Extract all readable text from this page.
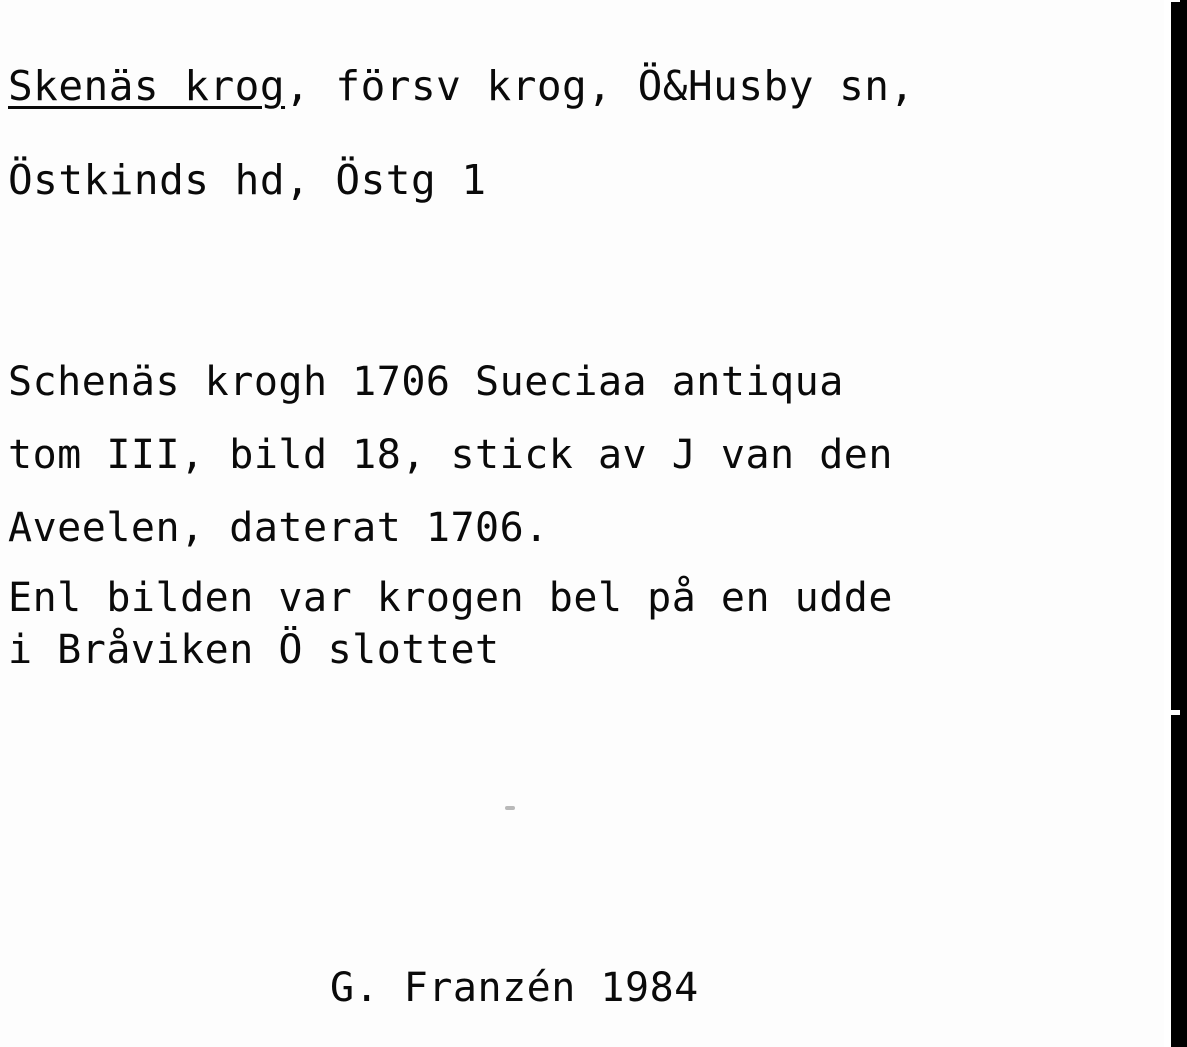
Skenäs krog, försv krog, Ö&Husby sn,
Östkinds hd, Östg 1
Schenäs krogh 1706 Sueciaa antiqua
tom III, bild 18, stick av J van den
Aveelen, daterat 1706.
Enl bilden var krogen bel på en udde
i Bråviken Ö slottet
G. Franzén 1984
